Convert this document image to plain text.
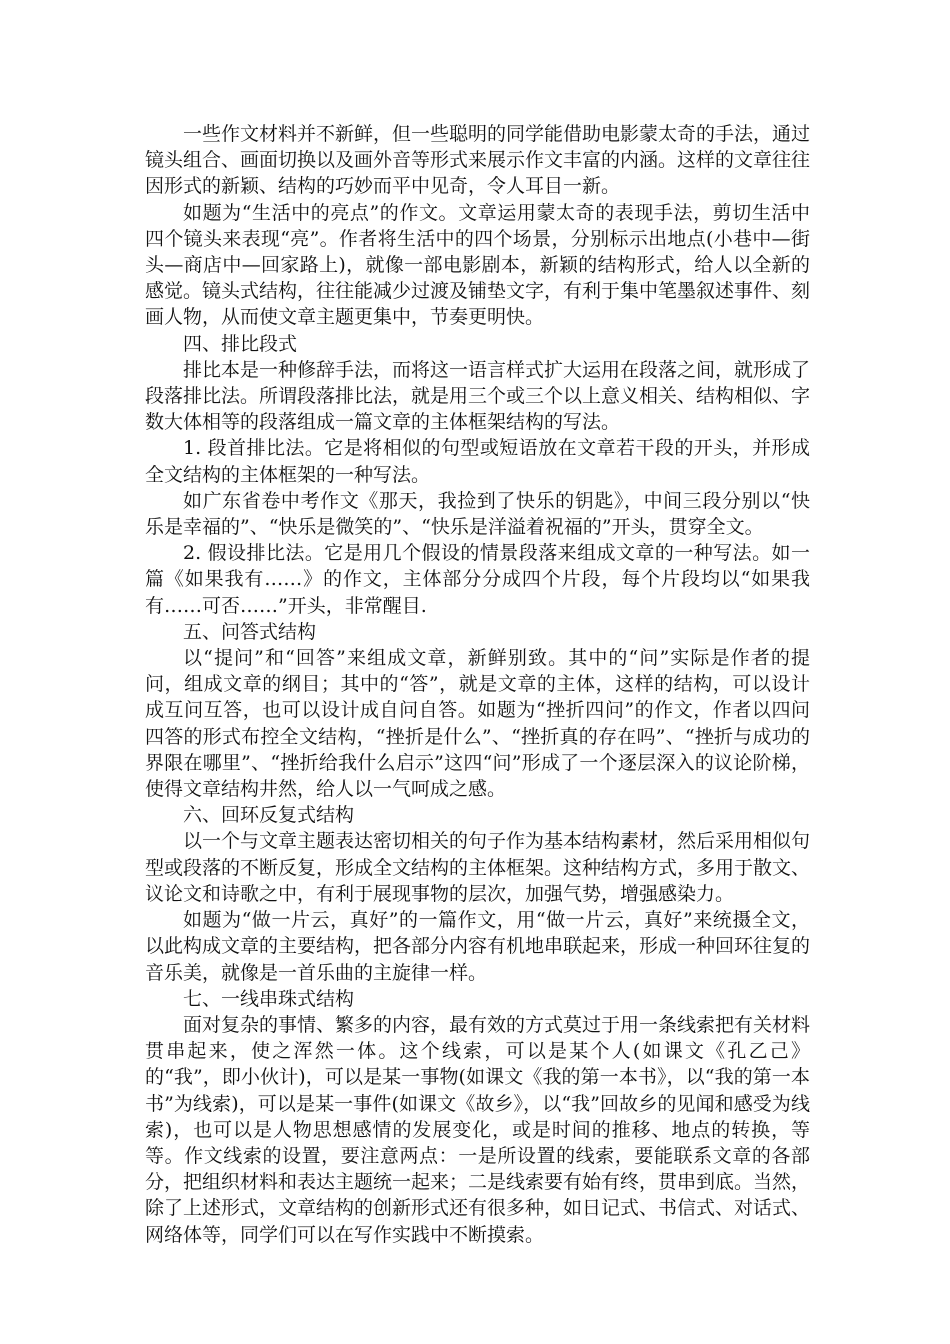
一些作文材料并不新鲜，但一些聪明的同学能借助电影蒙太奇的手法，通过镜头组合、画面切换以及画外音等形式来展示作文丰富的内涵。这样的文章往往因形式的新颖、结构的巧妙而平中见奇，令人耳目一新。

如题为“生活中的亮点”的作文。文章运用蒙太奇的表现手法，剪切生活中四个镜头来表现“亮”。作者将生活中的四个场景，分别标示出地点(小巷中—街头—商店中—回家路上)，就像一部电影剧本，新颖的结构形式，给人以全新的感觉。镜头式结构，往往能减少过渡及铺垫文字，有利于集中笔墨叙述事件、刻画人物，从而使文章主题更集中，节奏更明快。

四、排比段式

排比本是一种修辞手法，而将这一语言样式扩大运用在段落之间，就形成了段落排比法。所谓段落排比法，就是用三个或三个以上意义相关、结构相似、字数大体相等的段落组成一篇文章的主体框架结构的写法。

1. 段首排比法。它是将相似的句型或短语放在文章若干段的开头，并形成全文结构的主体框架的一种写法。

如广东省卷中考作文《那天，我捡到了快乐的钥匙》，中间三段分别以“快乐是幸福的”、“快乐是微笑的”、“快乐是洋溢着祝福的”开头，贯穿全文。

2. 假设排比法。它是用几个假设的情景段落来组成文章的一种写法。如一篇《如果我有……》的作文，主体部分分成四个片段，每个片段均以“如果我有……可否……”开头，非常醒目.

五、问答式结构

以“提问”和“回答”来组成文章，新鲜别致。其中的“问”实际是作者的提问，组成文章的纲目；其中的“答”，就是文章的主体，这样的结构，可以设计成互问互答，也可以设计成自问自答。如题为“挫折四问”的作文，作者以四问四答的形式布控全文结构，“挫折是什么”、“挫折真的存在吗”、“挫折与成功的界限在哪里”、“挫折给我什么启示”这四“问”形成了一个逐层深入的议论阶梯，使得文章结构井然，给人以一气呵成之感。

六、回环反复式结构

以一个与文章主题表达密切相关的句子作为基本结构素材，然后采用相似句型或段落的不断反复，形成全文结构的主体框架。这种结构方式，多用于散文、议论文和诗歌之中，有利于展现事物的层次，加强气势，增强感染力。

如题为“做一片云，真好”的一篇作文，用“做一片云，真好”来统摄全文，以此构成文章的主要结构，把各部分内容有机地串联起来，形成一种回环往复的音乐美，就像是一首乐曲的主旋律一样。

七、一线串珠式结构

面对复杂的事情、繁多的内容，最有效的方式莫过于用一条线索把有关材料贯串起来，使之浑然一体。这个线索，可以是某个人(如课文《孔乙己》的“我”，即小伙计)，可以是某一事物(如课文《我的第一本书》，以“我的第一本书”为线索)，可以是某一事件(如课文《故乡》，以“我”回故乡的见闻和感受为线索)，也可以是人物思想感情的发展变化，或是时间的推移、地点的转换，等等。作文线索的设置，要注意两点：一是所设置的线索，要能联系文章的各部分，把组织材料和表达主题统一起来；二是线索要有始有终，贯串到底。当然，除了上述形式，文章结构的创新形式还有很多种，如日记式、书信式、对话式、网络体等，同学们可以在写作实践中不断摸索。
